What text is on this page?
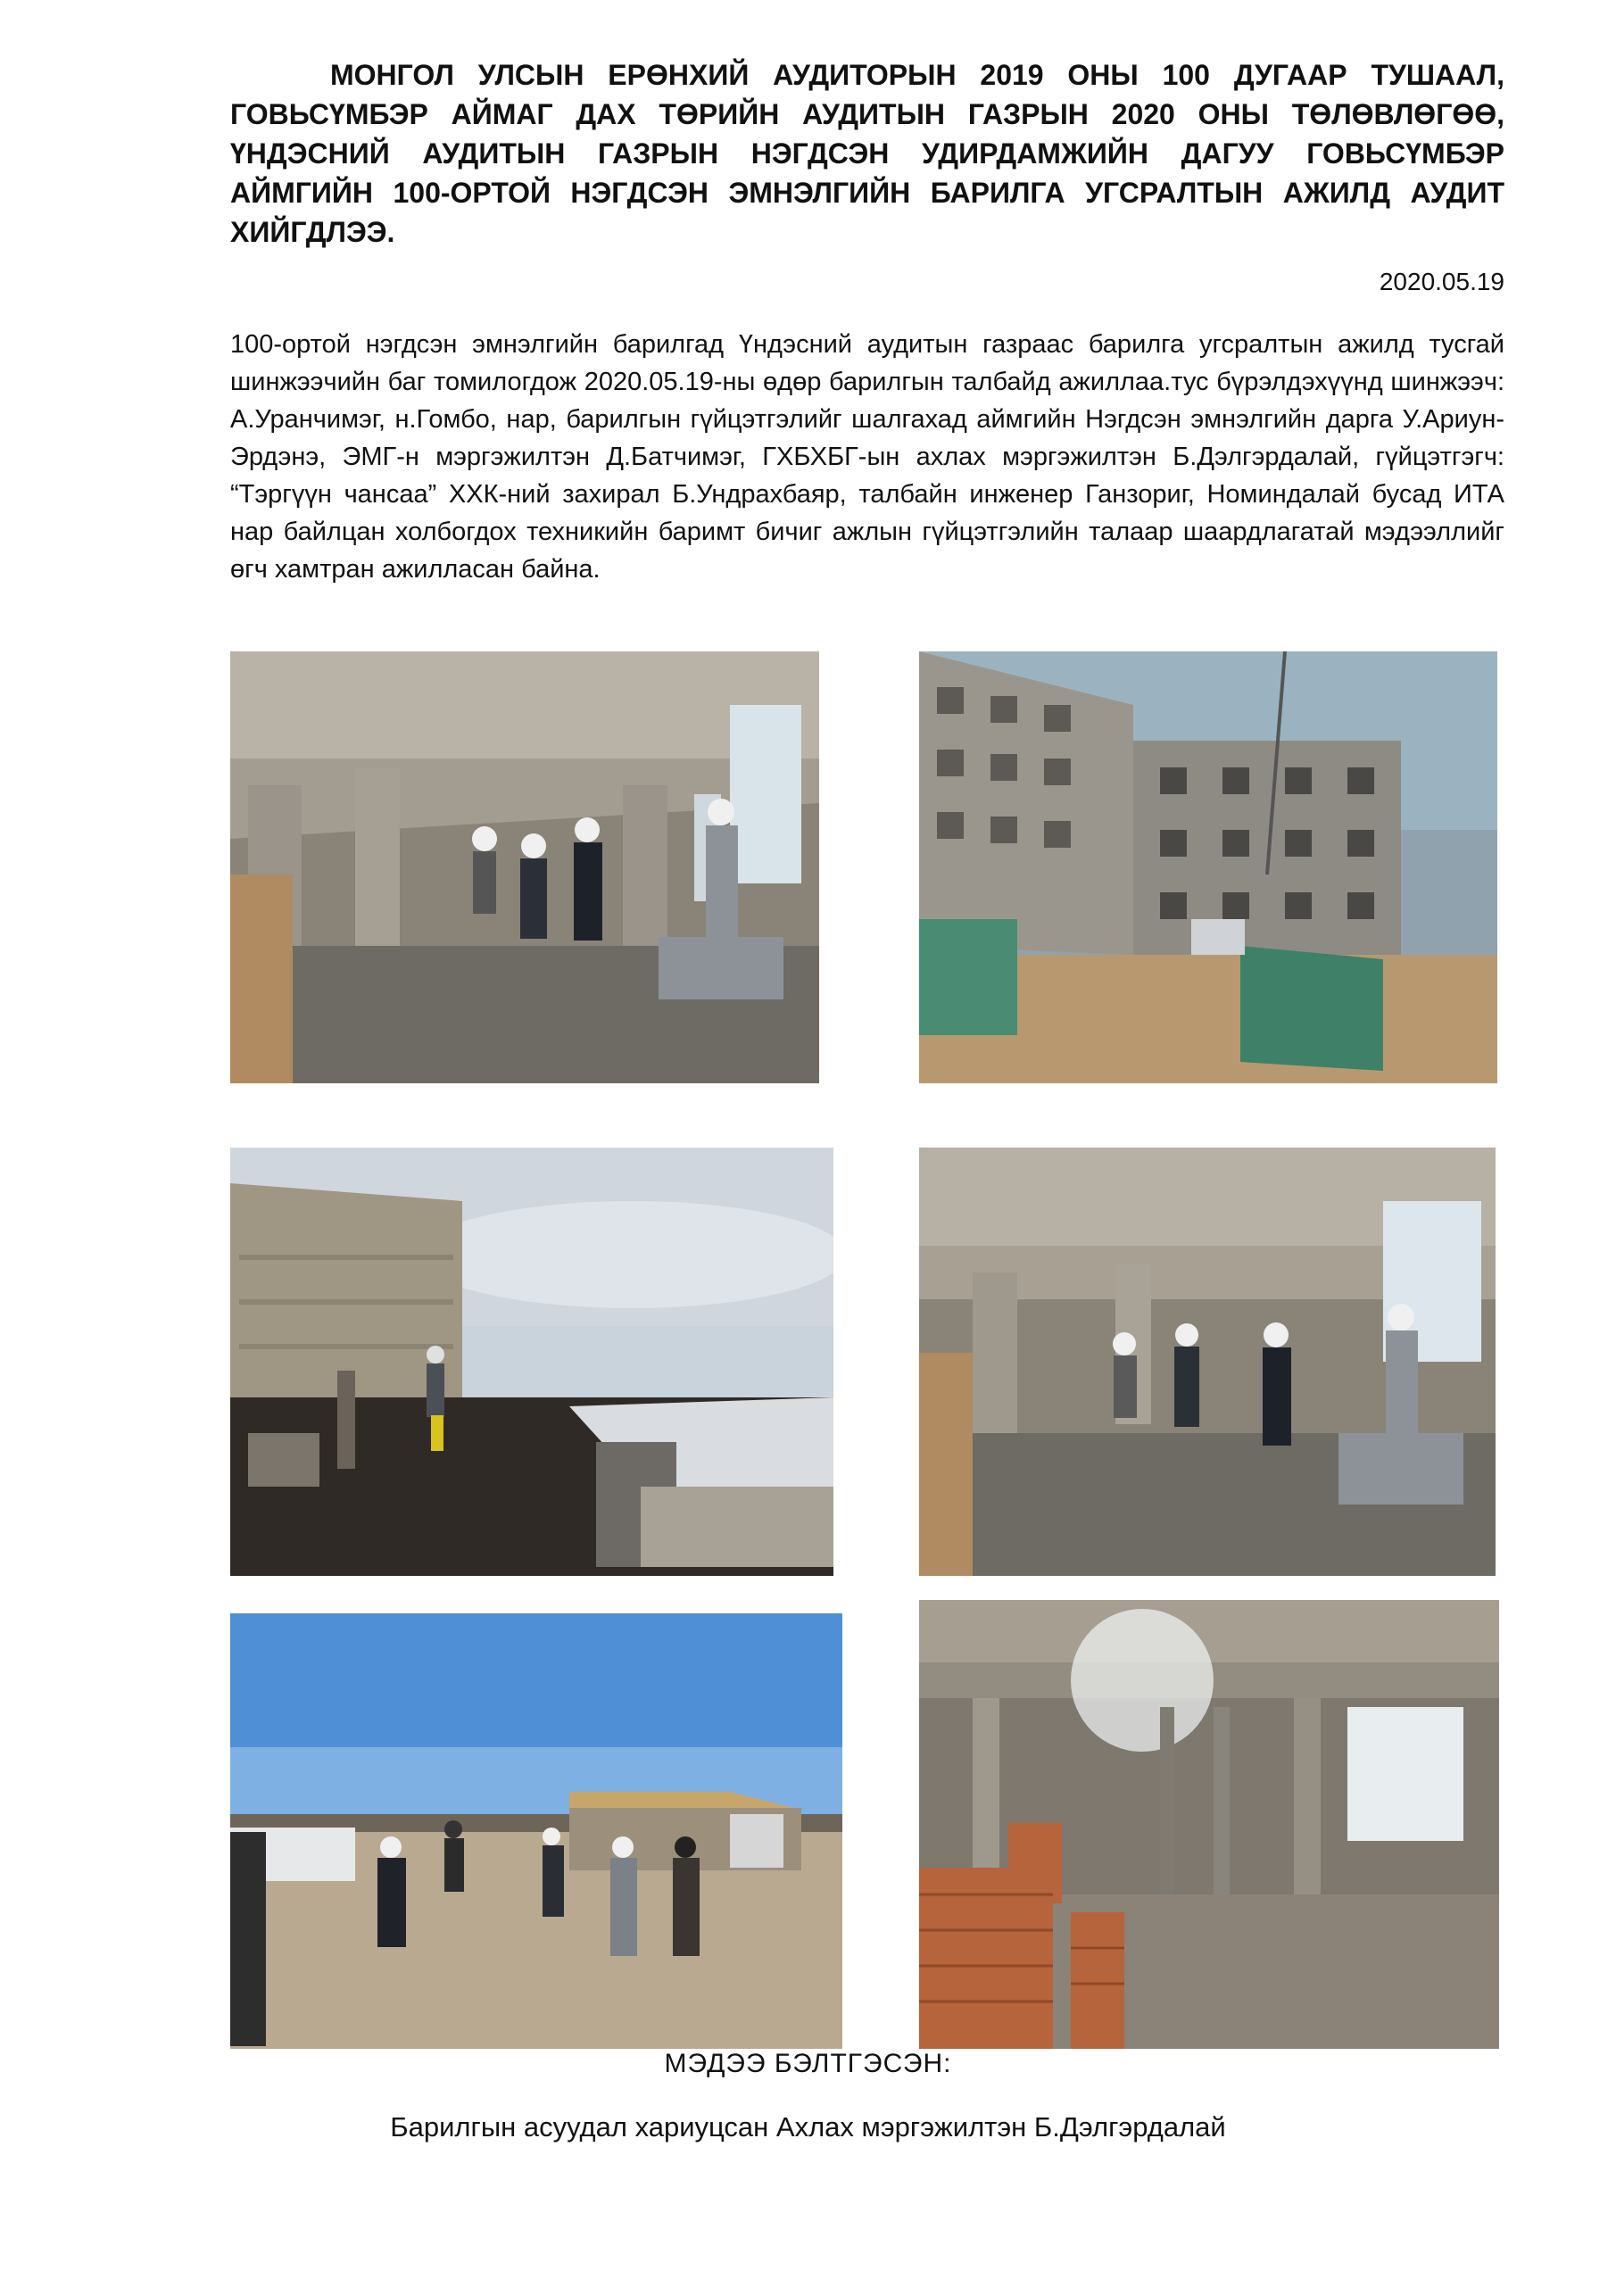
МОНГОЛ УЛСЫН ЕРӨНХИЙ АУДИТОРЫН 2019 ОНЫ 100 ДУГААР ТУШААЛ, ГОВЬСҮМБЭР АЙМАГ ДАХ ТӨРИЙН АУДИТЫН ГАЗРЫН 2020 ОНЫ ТӨЛӨВЛӨГӨӨ, ҮНДЭСНИЙ АУДИТЫН ГАЗРЫН НЭГДСЭН УДИРДАМЖИЙН ДАГУУ ГОВЬСҮМБЭР АЙМГИЙН 100-ОРТОЙ НЭГДСЭН ЭМНЭЛГИЙН БАРИЛГА УГСРАЛТЫН АЖИЛД АУДИТ ХИЙГДЛЭЭ.

2020.05.19

100-ортой нэгдсэн эмнэлгийн барилгад Үндэсний аудитын газраас барилга угсралтын ажилд тусгай шинжээчийн баг томилогдож 2020.05.19-ны өдөр барилгын талбайд ажиллаа.тус бүрэлдэхүүнд шинжээч: А.Уранчимэг, н.Гомбо, нар, барилгын гүйцэтгэлийг шалгахад аймгийн Нэгдсэн эмнэлгийн дарга У.Ариун-Эрдэнэ, ЭМГ-н мэргэжилтэн Д.Батчимэг, ГХБХБГ-ын ахлах мэргэжилтэн Б.Дэлгэрдалай, гүйцэтгэгч: “Тэргүүн чансаа” ХХК-ний захирал Б.Ундрахбаяр, талбайн инженер Ганзориг, Номиндалай бусад ИТА нар байлцан холбогдох техникийн баримт бичиг ажлын гүйцэтгэлийн талаар шаардлагатай мэдээллийг өгч хамтран ажилласан байна.

МЭДЭЭ БЭЛТГЭСЭН:

Барилгын асуудал хариуцсан Ахлах мэргэжилтэн Б.Дэлгэрдалай
